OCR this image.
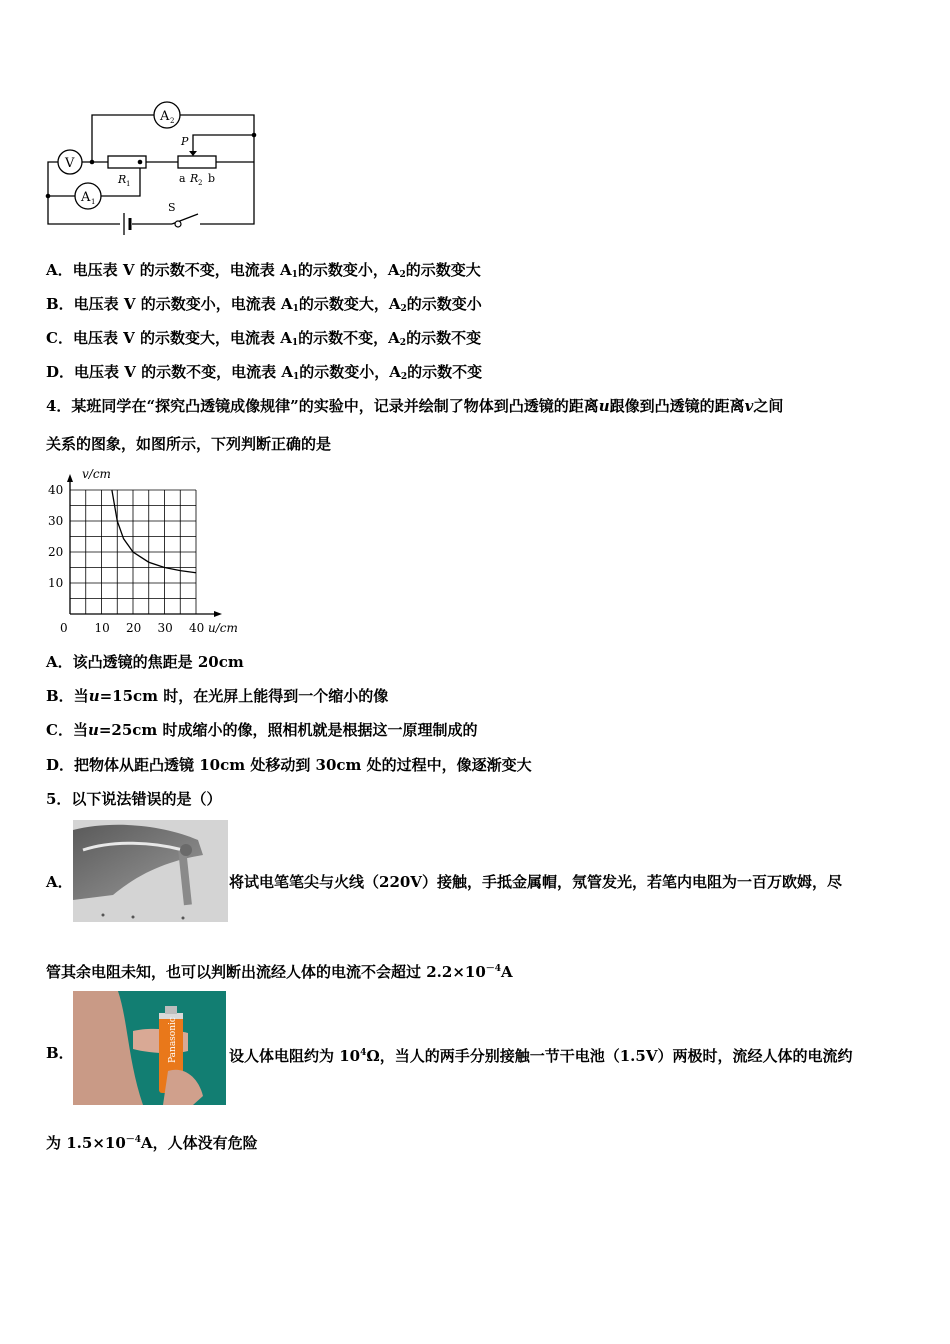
A 2
V
A 1
R 1
P
a R 2 b
S
A．电压表 V 的示数不变，电流表 $A_1$的示数变小，$A_2$的示数变大
B．电压表 V 的示数变小，电流表 $A_1$的示数变大，$A_2$的示数变小
C．电压表 V 的示数变大，电流表 $A_1$的示数不变，$A_2$的示数不变
D．电压表 V 的示数不变，电流表 $A_1$的示数变小，$A_2$的示数不变
4．某班同学在“探究凸透镜成像规律”的实验中，记录并绘制了物体到凸透镜的距离u跟像到凸透镜的距离v之间
关系的图象，如图所示，下列判断正确的是
0 10 20 30 40
10
20
30
40
v/cm
u/cm
A．该凸透镜的焦距是 20cm
B．当u=15cm 时，在光屏上能得到一个缩小的像
C．当u=25cm 时成缩小的像，照相机就是根据这一原理制成的
D．把物体从距凸透镜 10cm 处移动到 30cm 处的过程中，像逐渐变大
5．以下说法错误的是（）
A．	将试电笔笔尖与火线（220V）接触，手抵金属帽，氖管发光，若笔内电阻为一百万欧姆，尽
管其余电阻未知，也可以判断出流经人体的电流不会超过 $2.2\times 10^{-4}A$
Panasonic
B．	设人体电阻约为 $10^4\Omega$，当人的两手分别接触一节干电池（1.5V）两极时，流经人体的电流约
为 $1.5\times 10^{-4}A$，人体没有危险
